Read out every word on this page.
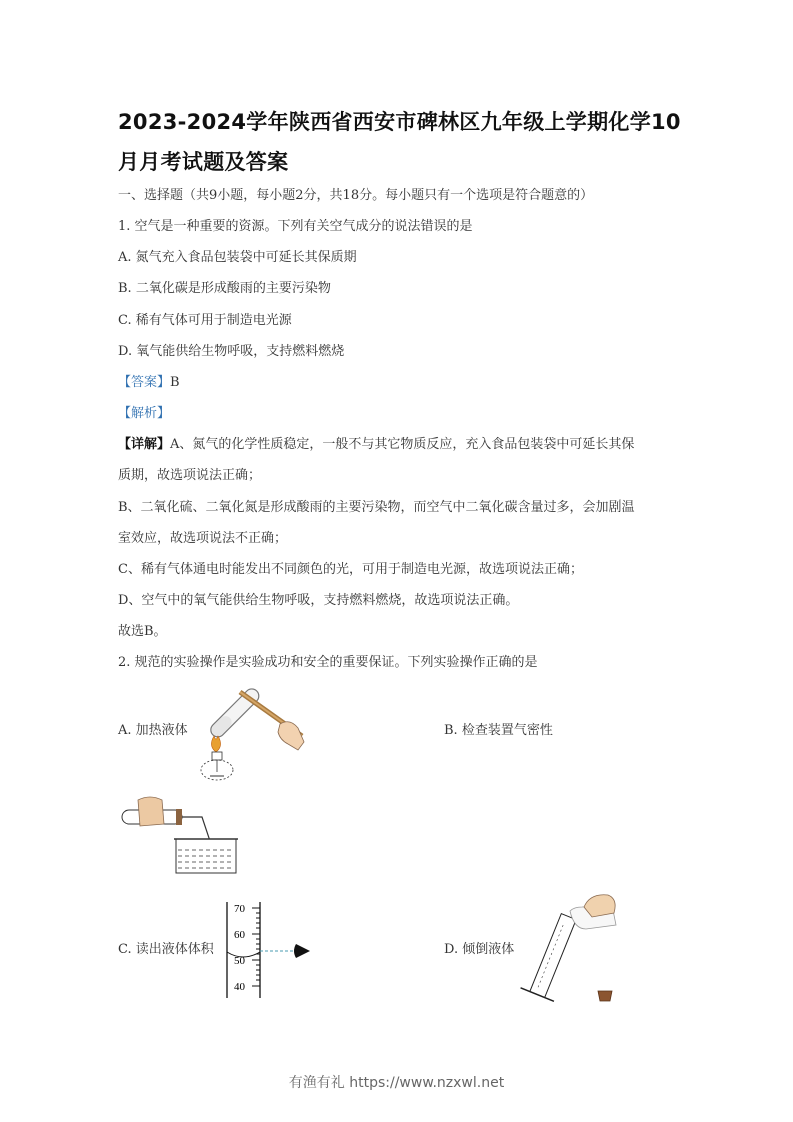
2023-2024学年陕西省西安市碑林区九年级上学期化学10
月月考试题及答案
一、选择题（共9小题，每小题2分，共18分。每小题只有一个选项是符合题意的）
1. 空气是一种重要的资源。下列有关空气成分的说法错误的是
A. 氮气充入食品包装袋中可延长其保质期
B. 二氧化碳是形成酸雨的主要污染物
C. 稀有气体可用于制造电光源
D. 氧气能供给生物呼吸，支持燃料燃烧
【答案】B
【解析】
【详解】A、氮气的化学性质稳定，一般不与其它物质反应，充入食品包装袋中可延长其保
质期，故选项说法正确；
B、二氧化硫、二氧化氮是形成酸雨的主要污染物，而空气中二氧化碳含量过多，会加剧温
室效应，故选项说法不正确；
C、稀有气体通电时能发出不同颜色的光，可用于制造电光源，故选项说法正确；
D、空气中的氧气能供给生物呼吸，支持燃料燃烧，故选项说法正确。
故选B。
2. 规范的实验操作是实验成功和安全的重要保证。下列实验操作正确的是
A. 加热液体	B. 检查装置气密性
C. 读出液体体积
70
60
50
40
D. 倾倒液体
有渔有礼 https://www.nzxwl.net
